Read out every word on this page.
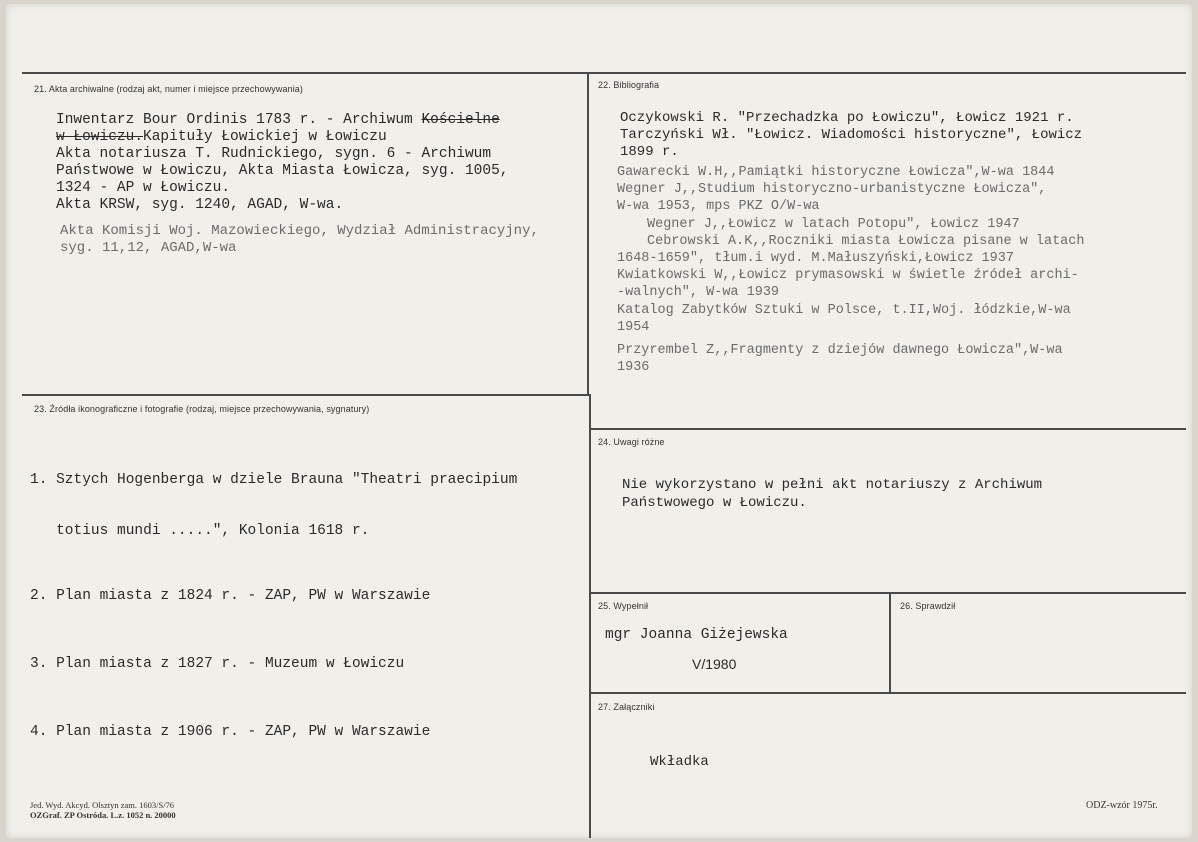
21. Akta archiwalne (rodzaj akt, numer i miejsce przechowywania)
Inwentarz Bour Ordinis 1783 r. - Archiwum Kościelne
w Łowiczu.Kapituły Łowickiej w Łowiczu
Akta notariusza T. Rudnickiego, sygn. 6 - Archiwum
Państwowe w Łowiczu, Akta Miasta Łowicza, syg. 1005,
1324 - AP w Łowiczu.
Akta KRSW, syg. 1240, AGAD, W-wa.
Akta Komisji Woj. Mazowieckiego, Wydział Administracyjny,
syg. 11,12, AGAD,W-wa
22. Bibliografia
Oczykowski R. "Przechadzka po Łowiczu", Łowicz 1921 r.
Tarczyński Wł. "Łowicz. Wiadomości historyczne", Łowicz
1899 r.
Gawarecki W.H,,Pamiątki historyczne Łowicza",W-wa 1844
Wegner J,,Studium historyczno-urbanistyczne Łowicza",
W-wa 1953, mps PKZ O/W-wa
Wegner J,,Łowicz w latach Potopu", Łowicz 1947
Cebrowski A.K,,Roczniki miasta Łowicza pisane w latach
1648-1659", tłum.i wyd. M.Małuszyński,Łowicz 1937
Kwiatkowski W,,Łowicz prymasowski w świetle źródeł archi-
-walnych", W-wa 1939
Katalog Zabytków Sztuki w Polsce, t.II,Woj. łódzkie,W-wa
1954
Przyrembel Z,,Fragmenty z dziejów dawnego Łowicza",W-wa
1936
23. Źródła ikonograficzne i fotografie (rodzaj, miejsce przechowywania, sygnatury)

1. Sztych Hogenberga w dziele Brauna "Theatri praecipium

totius mundi .....", Kolonia 1618 r.

2. Plan miasta z 1824 r. - ZAP, PW w Warszawie

3. Plan miasta z 1827 r. - Muzeum w Łowiczu

4. Plan miasta z 1906 r. - ZAP, PW w Warszawie

24. Uwagi różne
Nie wykorzystano w pełni akt notariuszy z Archiwum
Państwowego w Łowiczu.
25. Wypełnił
mgr Joanna Giżejewska
V/1980
26. Sprawdził
27. Załączniki
Wkładka
Jed. Wyd. Akcyd. Olsztyn zam. 1603/S/76
OZGraf. ZP Ostróda. L.z. 1052 n. 20000
ODZ-wzór 1975r.
